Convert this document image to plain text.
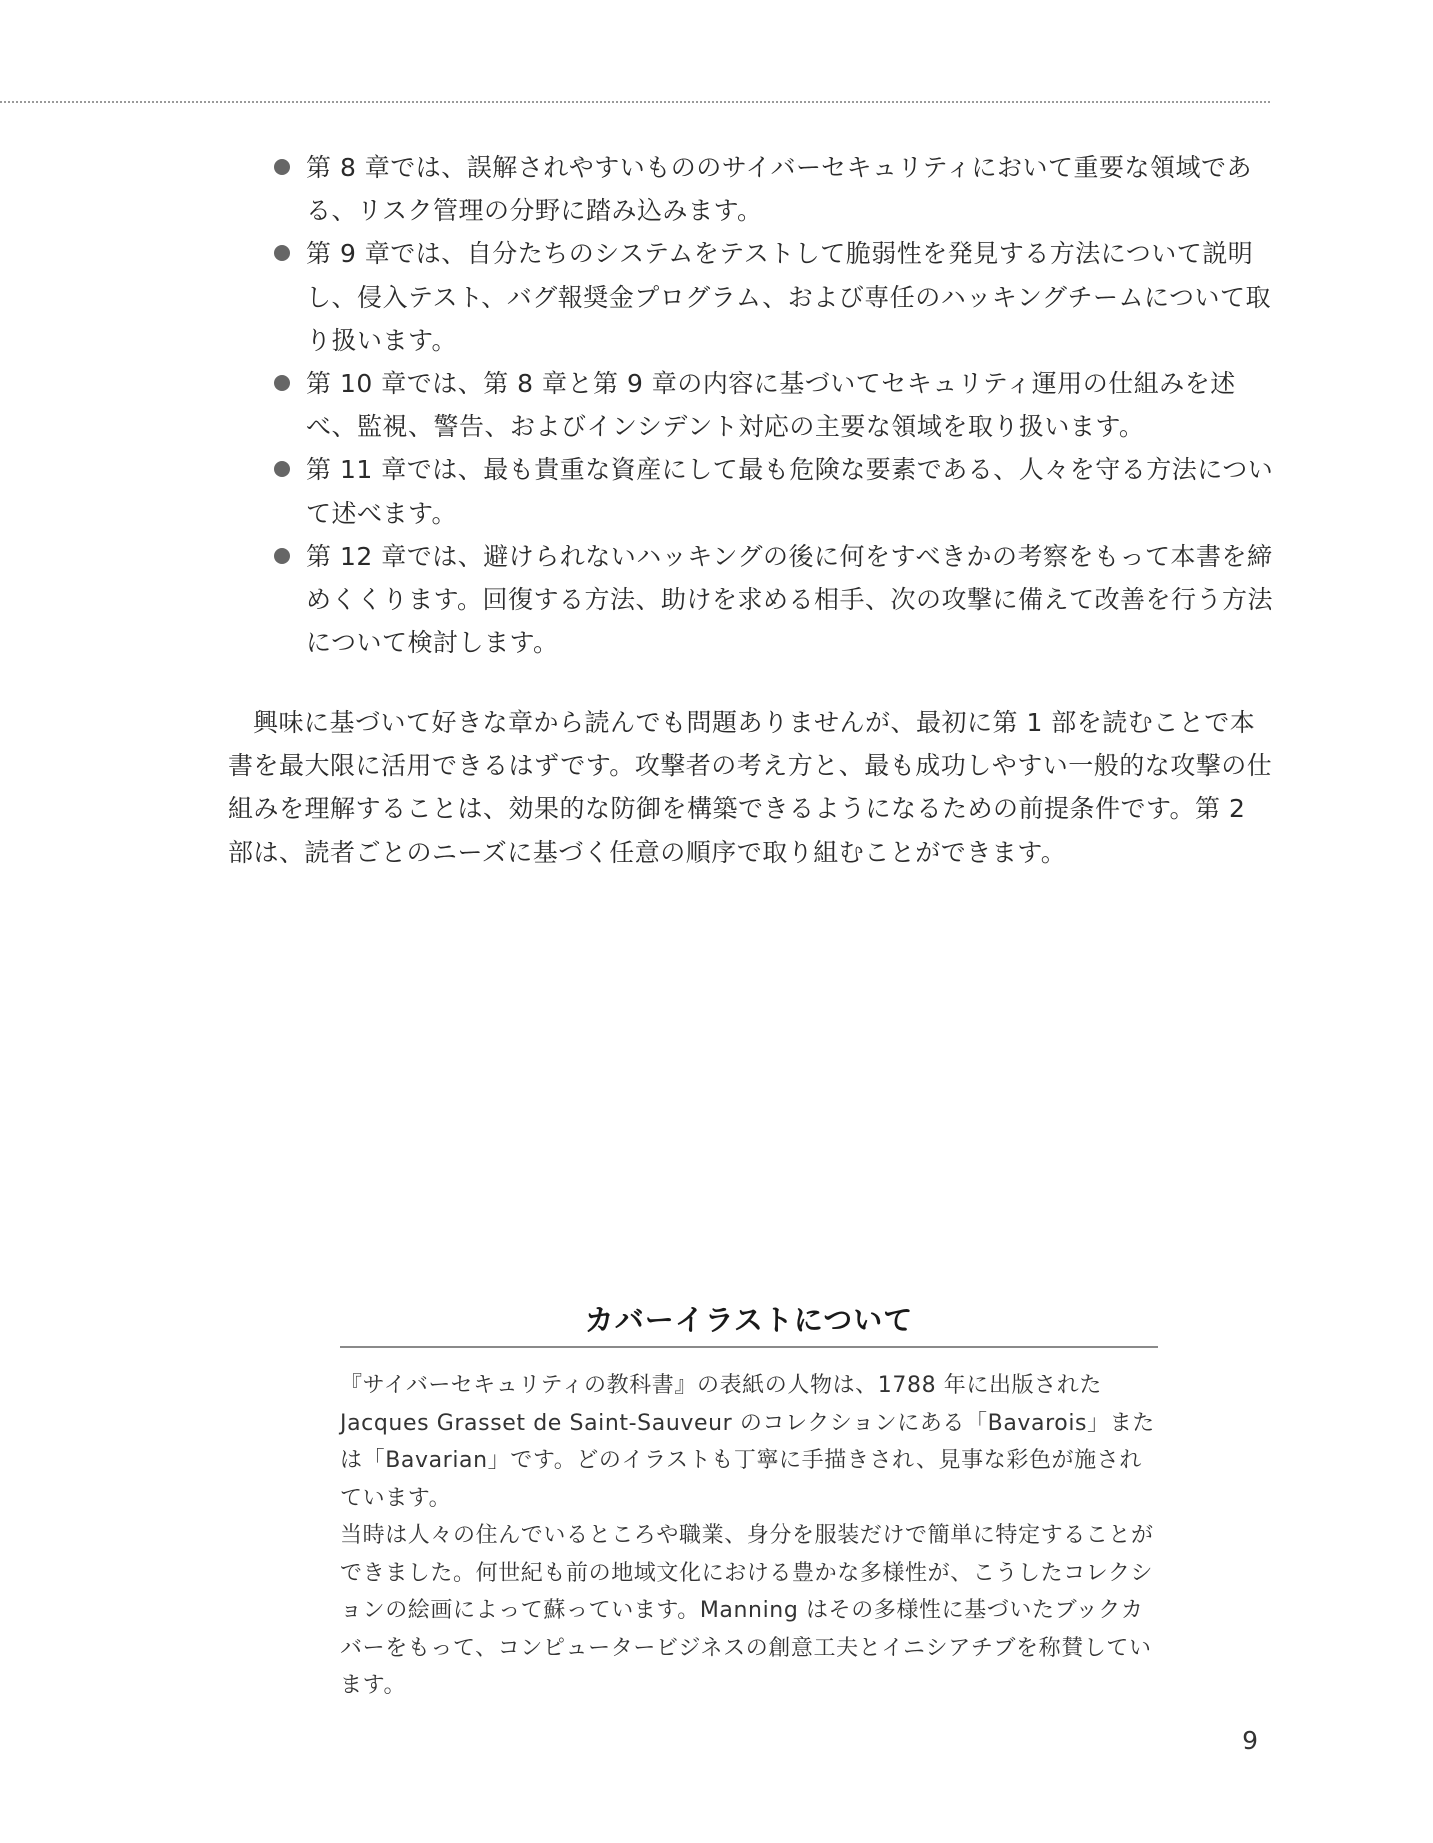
第 8 章では、誤解されやすいもののサイバーセキュリティにおいて重要な領域である、リスク管理の分野に踏み込みます。
第 9 章では、自分たちのシステムをテストして脆弱性を発見する方法について説明し、侵入テスト、バグ報奨金プログラム、および専任のハッキングチームについて取り扱います。
第 10 章では、第 8 章と第 9 章の内容に基づいてセキュリティ運用の仕組みを述べ、監視、警告、およびインシデント対応の主要な領域を取り扱います。
第 11 章では、最も貴重な資産にして最も危険な要素である、人々を守る方法について述べます。
第 12 章では、避けられないハッキングの後に何をすべきかの考察をもって本書を締めくくります。回復する方法、助けを求める相手、次の攻撃に備えて改善を行う方法について検討します。

興味に基づいて好きな章から読んでも問題ありませんが、最初に第 1 部を読むことで本書を最大限に活用できるはずです。攻撃者の考え方と、最も成功しやすい一般的な攻撃の仕組みを理解することは、効果的な防御を構築できるようになるための前提条件です。第 2 部は、読者ごとのニーズに基づく任意の順序で取り組むことができます。

カバーイラストについて

『サイバーセキュリティの教科書』の表紙の人物は、1788 年に出版された Jacques Grasset de Saint-Sauveur のコレクションにある「Bavarois」または「Bavarian」です。どのイラストも丁寧に手描きされ、見事な彩色が施されています。

当時は人々の住んでいるところや職業、身分を服装だけで簡単に特定することができました。何世紀も前の地域文化における豊かな多様性が、こうしたコレクションの絵画によって蘇っています。Manning はその多様性に基づいたブックカバーをもって、コンピュータービジネスの創意工夫とイニシアチブを称賛しています。

9
